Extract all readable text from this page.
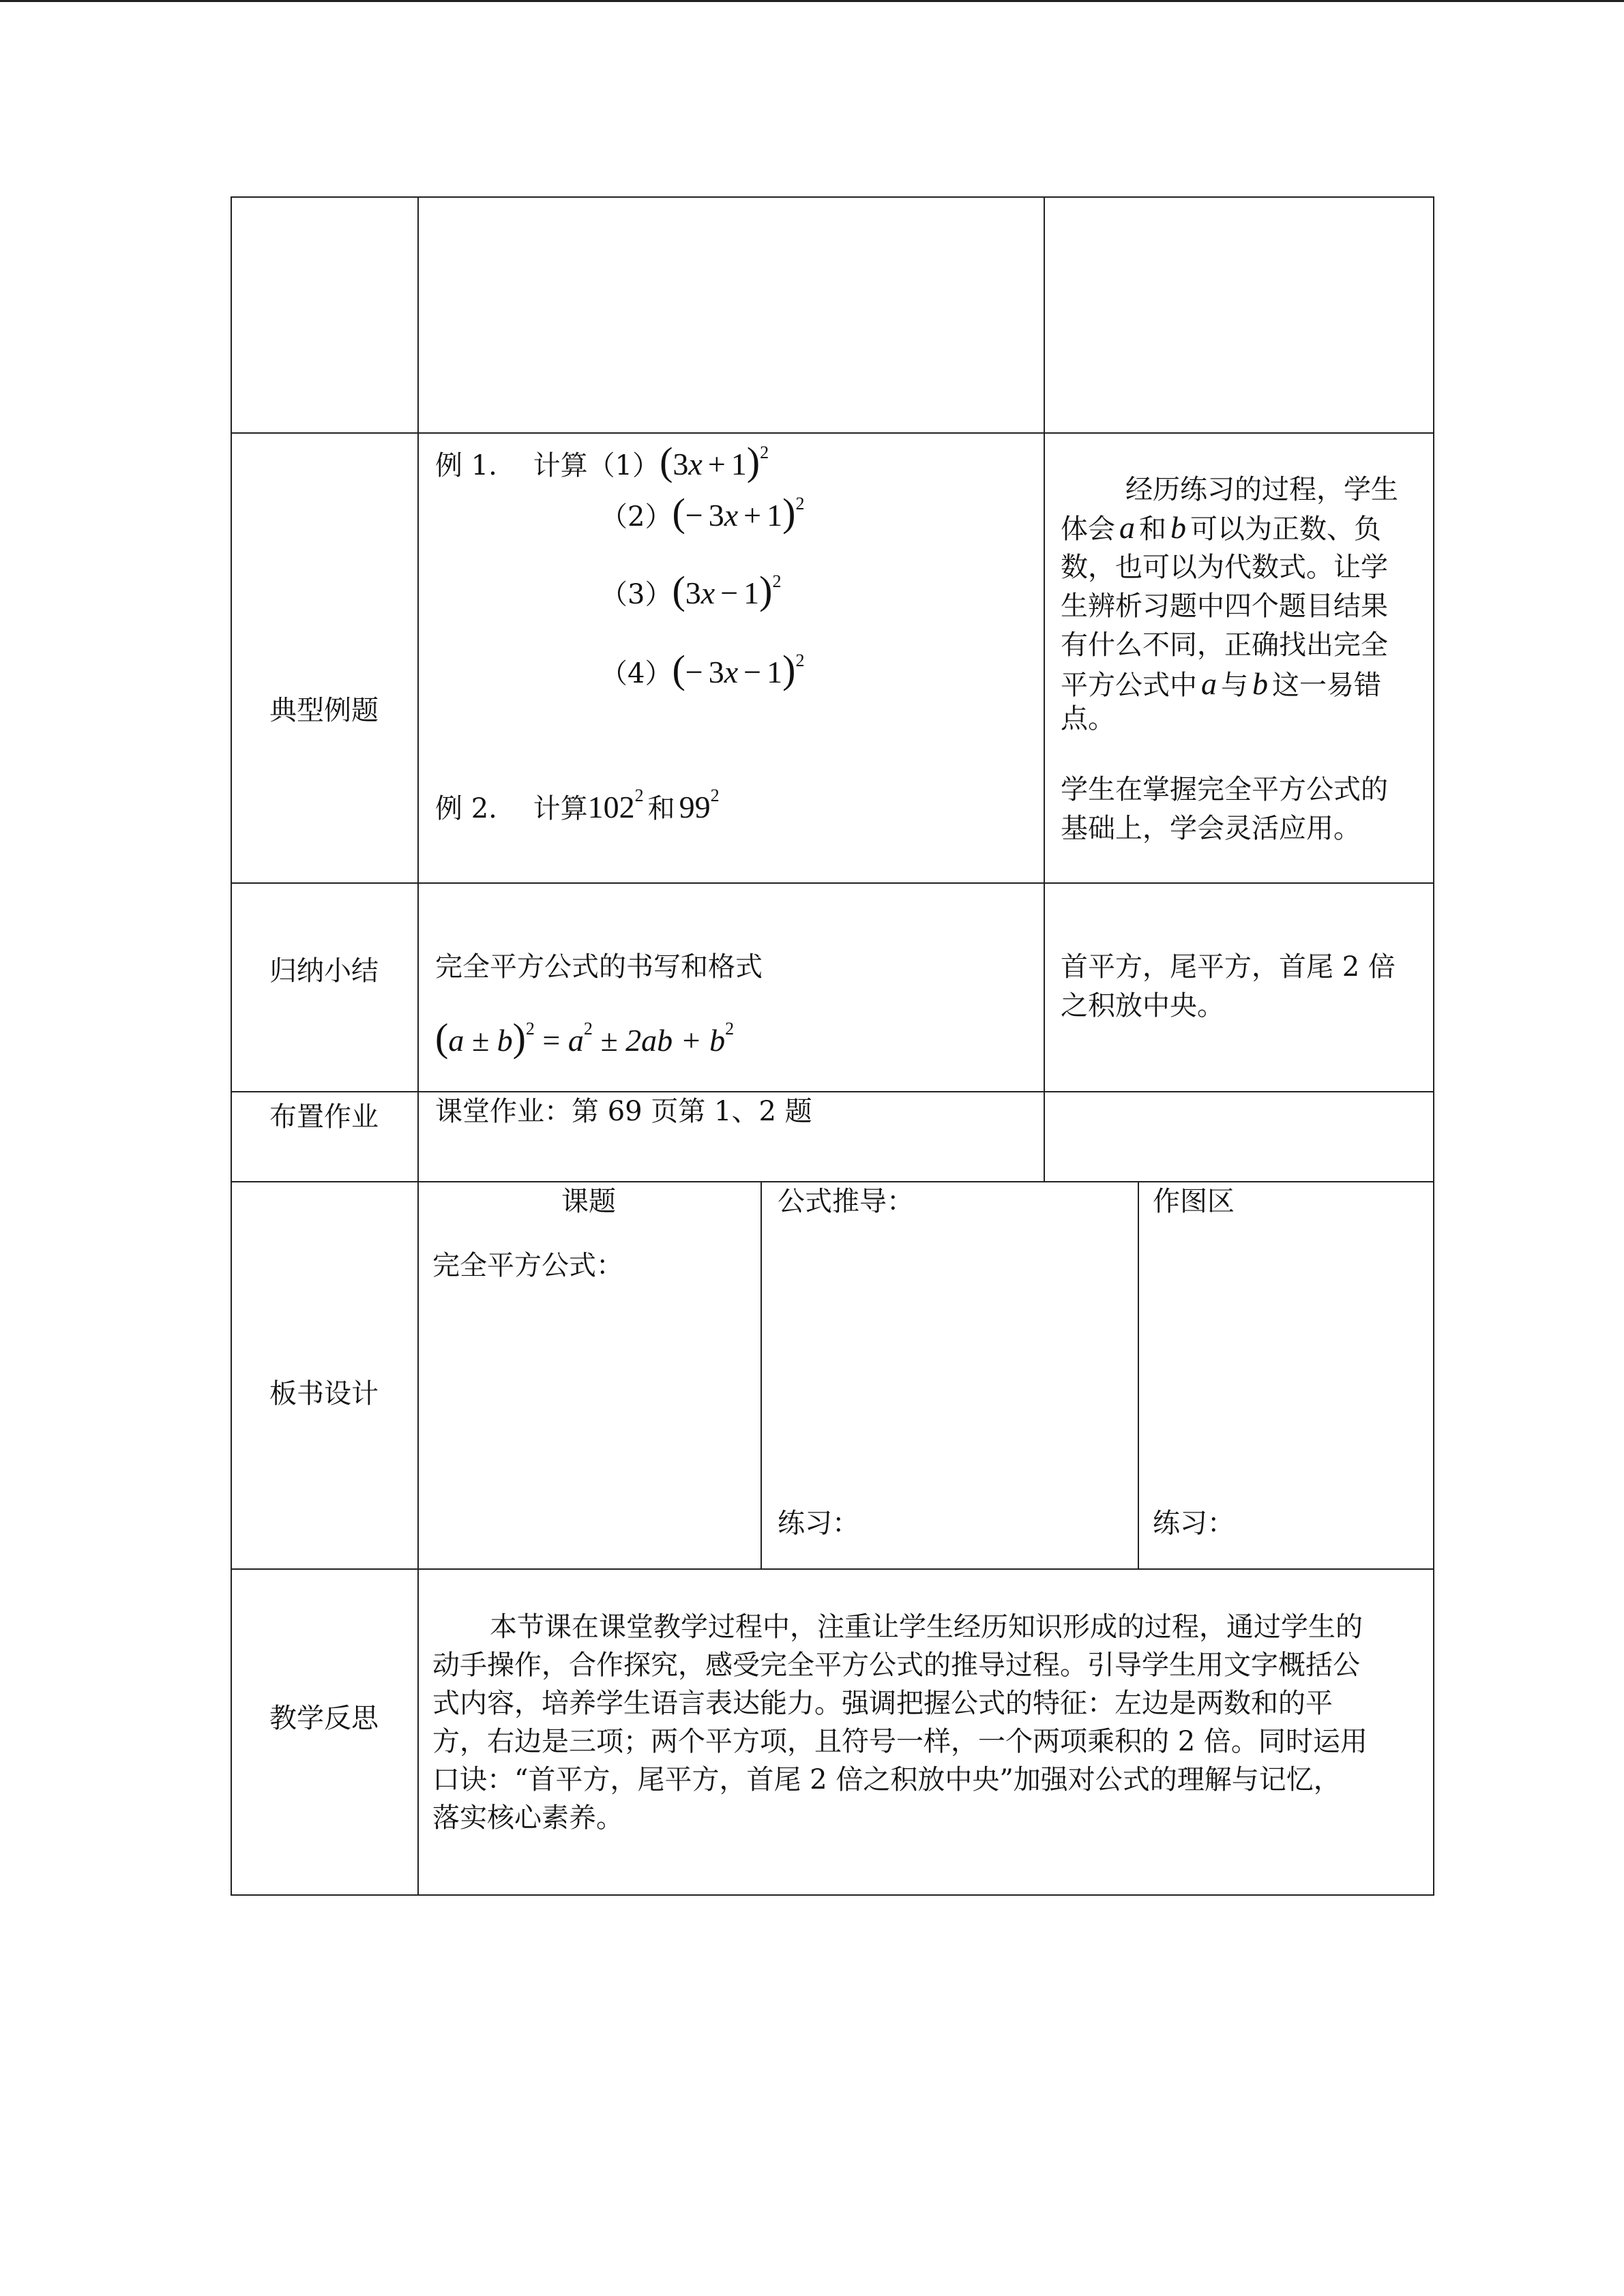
典型例题
例 1. 计算$(1)(3x + 1)^2$
$(2)(- 3x + 1)^2$
$(3)(3x - 1)^2$
$(4)(- 3x - 1)^2$
例 2. 计算$102^2$ 和 $99^2$
经历练习的过程，学生
体会 a 和 b 可以为正数、负
数，也可以为代数式。让学
生辨析习题中四个题目结果
有什么不同，正确找出完全
平方公式中 a 与 b 这一易错
点。
学生在掌握完全平方公式的
基础上，学会灵活应用。
归纳小结	完全平方公式的书写和格式
$(a \pm b)^2 = a^2 \pm 2ab + b^2$
首平方，尾平方，首尾 2 倍
之积放中央。
布置作业	课堂作业：第 69 页第 1、2 题
板书设计
课题
完全平方公式：
公式推导：
练习：
作图区
练习：
教学反思
本节课在课堂教学过程中，注重让学生经历知识形成的过程，通过学生的
动手操作，合作探究，感受完全平方公式的推导过程。引导学生用文字概括公
式内容，培养学生语言表达能力。强调把握公式的特征：左边是两数和的平
方，右边是三项；两个平方项，且符号一样，一个两项乘积的 2 倍。同时运用
口诀：“首平方，尾平方，首尾 2 倍之积放中央”加强对公式的理解与记忆，
落实核心素养。
